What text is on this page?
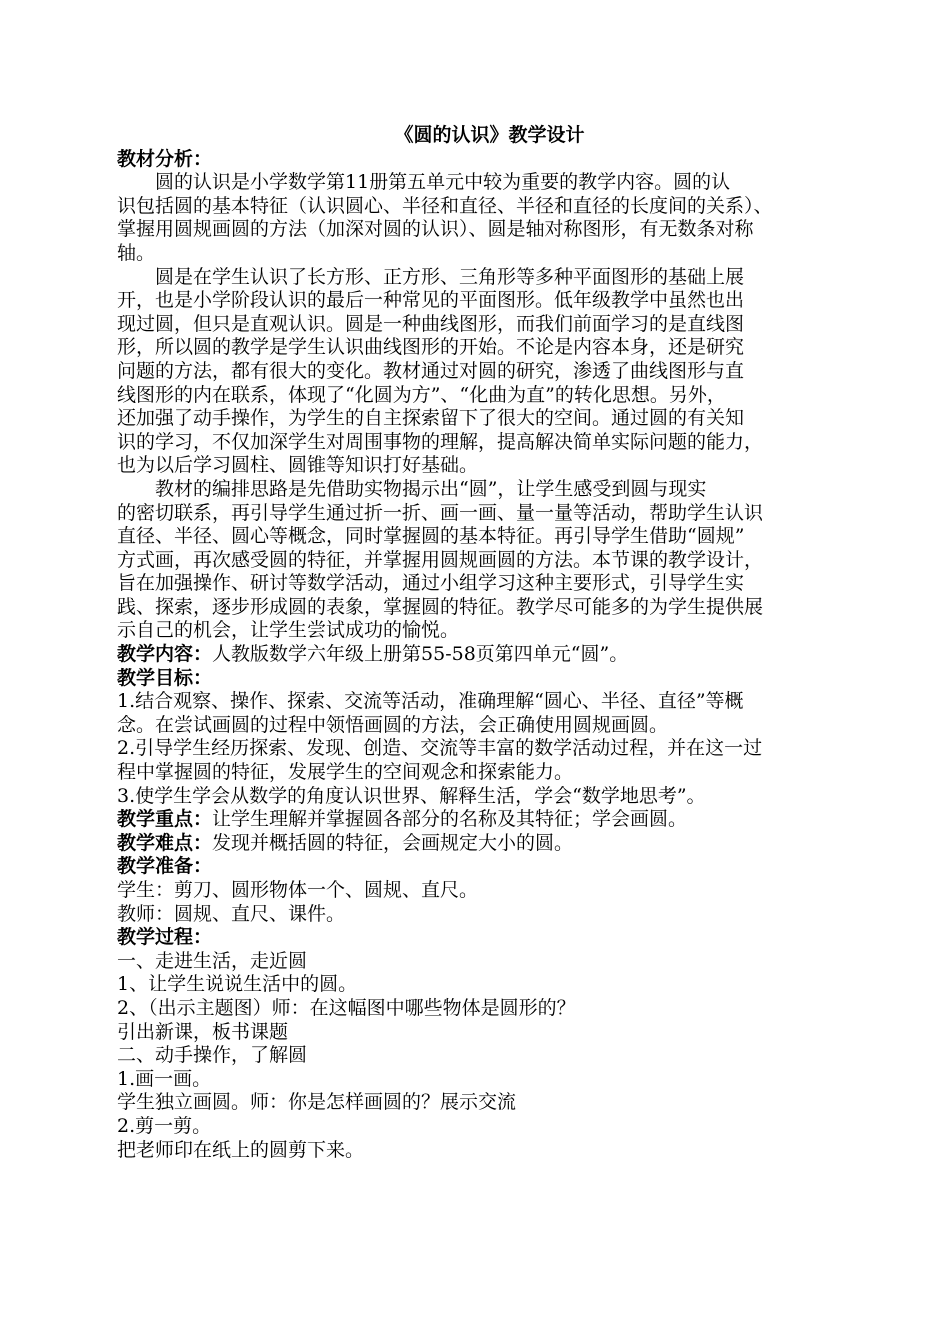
《圆的认识》教学设计
教材分析：
圆的认识是小学数学第11册第五单元中较为重要的教学内容。圆的认
识包括圆的基本特征（认识圆心、半径和直径、半径和直径的长度间的关系）、
掌握用圆规画圆的方法（加深对圆的认识）、圆是轴对称图形，有无数条对称
轴。
圆是在学生认识了长方形、正方形、三角形等多种平面图形的基础上展
开，也是小学阶段认识的最后一种常见的平面图形。低年级教学中虽然也出
现过圆，但只是直观认识。圆是一种曲线图形，而我们前面学习的是直线图
形，所以圆的教学是学生认识曲线图形的开始。不论是内容本身，还是研究
问题的方法，都有很大的变化。教材通过对圆的研究，渗透了曲线图形与直
线图形的内在联系，体现了“化圆为方”、“化曲为直”的转化思想。另外，
还加强了动手操作，为学生的自主探索留下了很大的空间。通过圆的有关知
识的学习，不仅加深学生对周围事物的理解，提高解决简单实际问题的能力，
也为以后学习圆柱、圆锥等知识打好基础。
教材的编排思路是先借助实物揭示出“圆”，让学生感受到圆与现实
的密切联系，再引导学生通过折一折、画一画、量一量等活动，帮助学生认识
直径、半径、圆心等概念，同时掌握圆的基本特征。再引导学生借助“圆规”
方式画，再次感受圆的特征，并掌握用圆规画圆的方法。本节课的教学设计，
旨在加强操作、研讨等数学活动，通过小组学习这种主要形式，引导学生实
践、探索，逐步形成圆的表象，掌握圆的特征。教学尽可能多的为学生提供展
示自己的机会，让学生尝试成功的愉悦。
教学内容：人教版数学六年级上册第55-58页第四单元“圆”。
教学目标：
1.结合观察、操作、探索、交流等活动，准确理解“圆心、半径、直径”等概
念。在尝试画圆的过程中领悟画圆的方法，会正确使用圆规画圆。
2.引导学生经历探索、发现、创造、交流等丰富的数学活动过程，并在这一过
程中掌握圆的特征，发展学生的空间观念和探索能力。
3.使学生学会从数学的角度认识世界、解释生活，学会“数学地思考”。
教学重点：让学生理解并掌握圆各部分的名称及其特征；学会画圆。
教学难点：发现并概括圆的特征，会画规定大小的圆。
教学准备：
学生：剪刀、圆形物体一个、圆规、直尺。
教师：圆规、直尺、课件。
教学过程：
一、走进生活，走近圆
1、让学生说说生活中的圆。
2、（出示主题图）师：在这幅图中哪些物体是圆形的？
引出新课，板书课题
二、动手操作，了解圆
1.画一画。
学生独立画圆。师：你是怎样画圆的？展示交流
2.剪一剪。
把老师印在纸上的圆剪下来。
